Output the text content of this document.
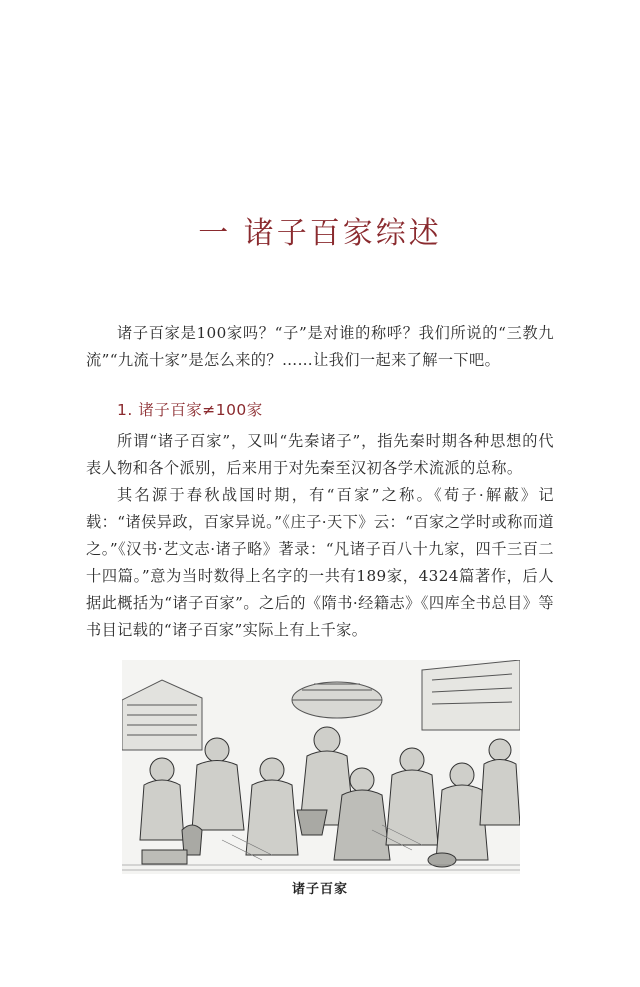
一 诸子百家综述

诸子百家是100家吗？“子”是对谁的称呼？我们所说的“三教九流”“九流十家”是怎么来的？……让我们一起来了解一下吧。

1. 诸子百家≠100家

所谓“诸子百家”，又叫“先秦诸子”，指先秦时期各种思想的代表人物和各个派别，后来用于对先秦至汉初各学术流派的总称。

其名源于春秋战国时期，有“百家”之称。《荀子·解蔽》记载：“诸侯异政，百家异说。”《庄子·天下》云：“百家之学时或称而道之。”《汉书·艺文志·诸子略》著录：“凡诸子百八十九家，四千三百二十四篇。”意为当时数得上名字的一共有189家，4324篇著作，后人据此概括为“诸子百家”。之后的《隋书·经籍志》《四库全书总目》等书目记载的“诸子百家”实际上有上千家。

诸子百家
